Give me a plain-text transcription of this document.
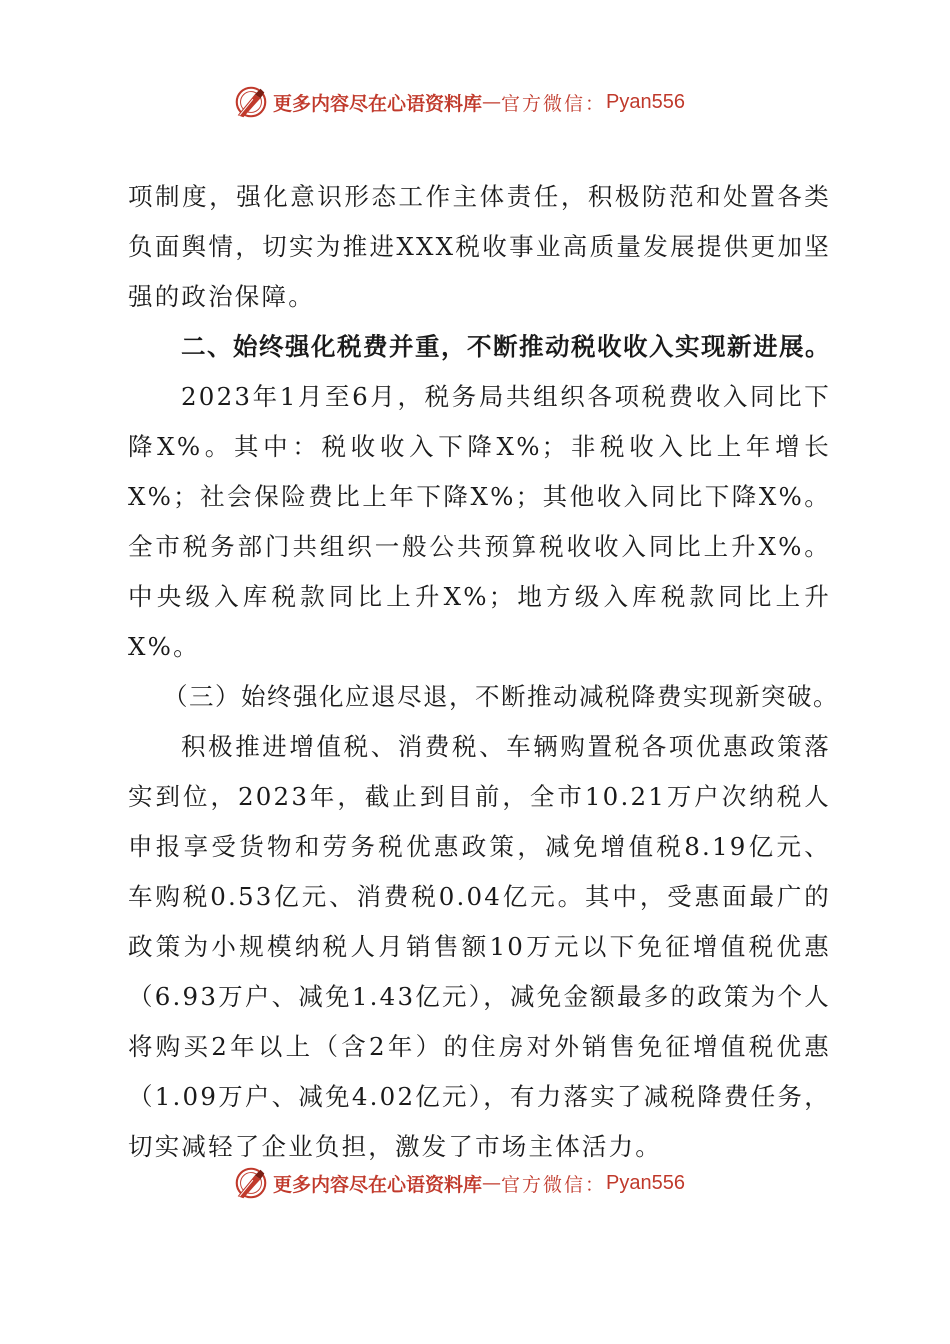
更多内容尽在心语资料库 — 官方微信： Pyan556

项制度，强化意识形态工作主体责任，积极防范和处置各类负面舆情，切实为推进XXX税收事业高质量发展提供更加坚强的政治保障。

二、始终强化税费并重，不断推动税收收入实现新进展。

2023年1月至6月，税务局共组织各项税费收入同比下降X%。其中：税收收入下降X%；非税收入比上年增长X%；社会保险费比上年下降X%；其他收入同比下降X%。全市税务部门共组织一般公共预算税收收入同比上升X%。中央级入库税款同比上升X%；地方级入库税款同比上升X%。

（三）始终强化应退尽退，不断推动减税降费实现新突破。

积极推进增值税、消费税、车辆购置税各项优惠政策落实到位，2023年，截止到目前，全市10.21万户次纳税人申报享受货物和劳务税优惠政策，减免增值税8.19亿元、车购税0.53亿元、消费税0.04亿元。其中，受惠面最广的政策为小规模纳税人月销售额10万元以下免征增值税优惠（6.93万户、减免1.43亿元），减免金额最多的政策为个人将购买2年以上（含2年）的住房对外销售免征增值税优惠（1.09万户、减免4.02亿元），有力落实了减税降费任务，切实减轻了企业负担，激发了市场主体活力。

更多内容尽在心语资料库 — 官方微信： Pyan556
